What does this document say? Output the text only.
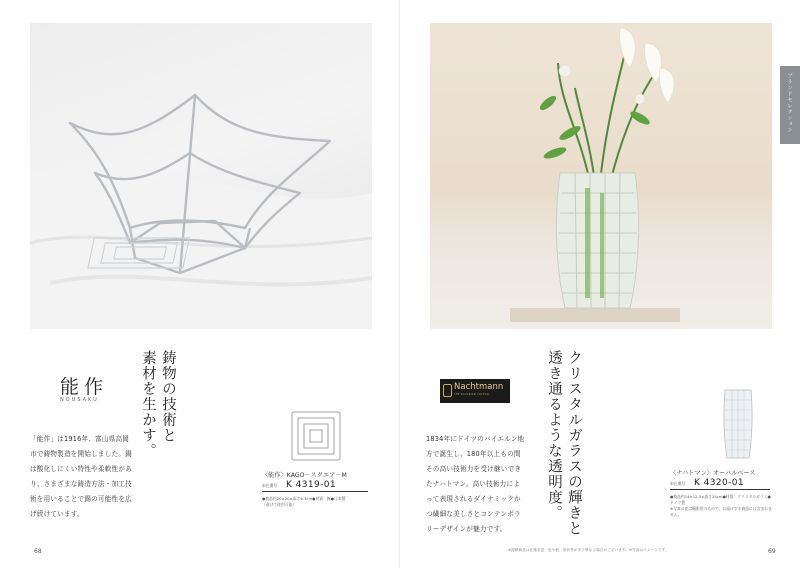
鋳物の技術と
素材を生かす。
能作
NOUSAKU
「能作」は1916年、富山県高岡市で鋳物製造を開始しました。錫は酸化しにくい特性や柔軟性があり、さまざまな鋳造方法・加工技術を用いることで錫の可能性を広げ続けています。
〈能作〉KAGO－スクエア－M
申込番号 K 4319-01
●商品約20×20×高さ6.3cm●材質：錫●日本製
（曲げて使用可能）
68
ブランドセレクション
クリスタルガラスの輝きと
透き通るような透明度。
Nachtmann
THE BAVARIAN CRYSTAL
1834年にドイツのバイエルン地方で誕生し、180年以上もの間その高い技術力を受け継いできたナハトマン。高い技術力によって表現されるダイナミックかつ繊細な美しさとコンテンポラリーデザインが魅力です。
〈ナハトマン〉オーバルベース
申込番号 K 4320-01
●商品約14×12.5×高さ24cm●材質：クリスタルガラス●ドイツ製
※写真の花は撮影用のもので、お届けする商品には含まれません。
※掲載商品は仕様変更、色や柄、形状等が多少異なる場合がございます。※写真はイメージです。	69
